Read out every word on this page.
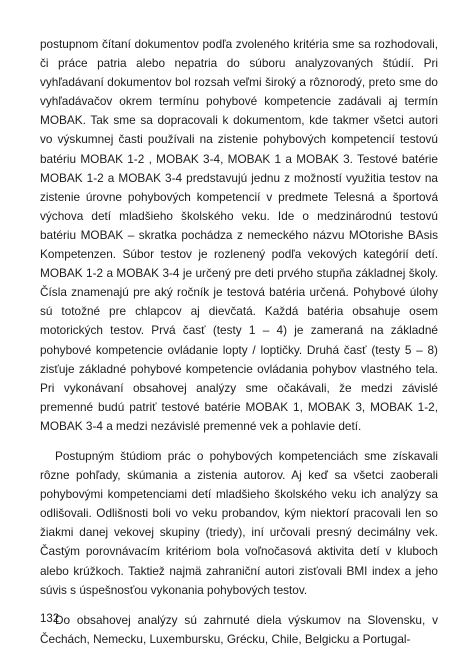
postupnom čítaní dokumentov podľa zvoleného kritéria sme sa rozhodovali, či práce patria alebo nepatria do súboru analyzovaných štúdií. Pri vyhľadávaní dokumentov bol rozsah veľmi široký a rôznorodý, preto sme do vyhľadávačov okrem termínu pohybové kompetencie zadávali aj termín MOBAK. Tak sme sa dopracovali k dokumentom, kde takmer všetci autori vo výskumnej časti používali na zistenie pohybových kompetencií testovú batériu MOBAK 1-2 , MOBAK 3-4, MOBAK 1 a MOBAK 3. Testové batérie MOBAK 1-2 a MOBAK 3-4 predstavujú jednu z možností využitia testov na zistenie úrovne pohybových kompetencií v predmete Telesná a športová výchova detí mladšieho školského veku. Ide o medzinárodnú testovú batériu MOBAK – skratka pochádza z nemeckého názvu MOtorishe BAsis Kompetenzen. Súbor testov je rozlenený podľa vekových kategórií detí. MOBAK 1-2 a MOBAK 3-4 je určený pre deti prvého stupňa základnej školy. Čísla znamenajú pre aký ročník je testová batéria určená. Pohybové úlohy sú totožné pre chlapcov aj dievčatá. Každá batéria obsahuje osem motorických testov. Prvá časť (testy 1 – 4) je zameraná na základné pohybové kompetencie ovládanie lopty / loptičky. Druhá časť (testy 5 – 8) zisťuje základné pohybové kompetencie ovládania pohybov vlastného tela. Pri vykonávaní obsahovej analýzy sme očakávali, že medzi závislé premenné budú patriť testové batérie MOBAK 1, MOBAK 3, MOBAK 1-2, MOBAK 3-4 a medzi nezávislé premenné vek a pohlavie detí.

Postupným štúdiom prác o pohybových kompetenciách sme získavali rôzne pohľady, skúmania a zistenia autorov. Aj keď sa všetci zaoberali pohybovými kompetenciami detí mladšieho školského veku ich analýzy sa odlišovali. Odlišnosti boli vo veku probandov, kým niektorí pracovali len so žiakmi danej vekovej skupiny (triedy), iní určovali presný decimálny vek. Častým porovnávacím kritériom bola voľnočasová aktivita detí v kluboch alebo krúžkoch. Taktiež najmä zahraniční autori zisťovali BMI index a jeho súvis s úspešnosťou vykonania pohybových testov.

Do obsahovej analýzy sú zahrnuté diela výskumov na Slovensku, v Čechách, Nemecku, Luxembursku, Grécku, Chile, Belgicku a Portugal-

132
